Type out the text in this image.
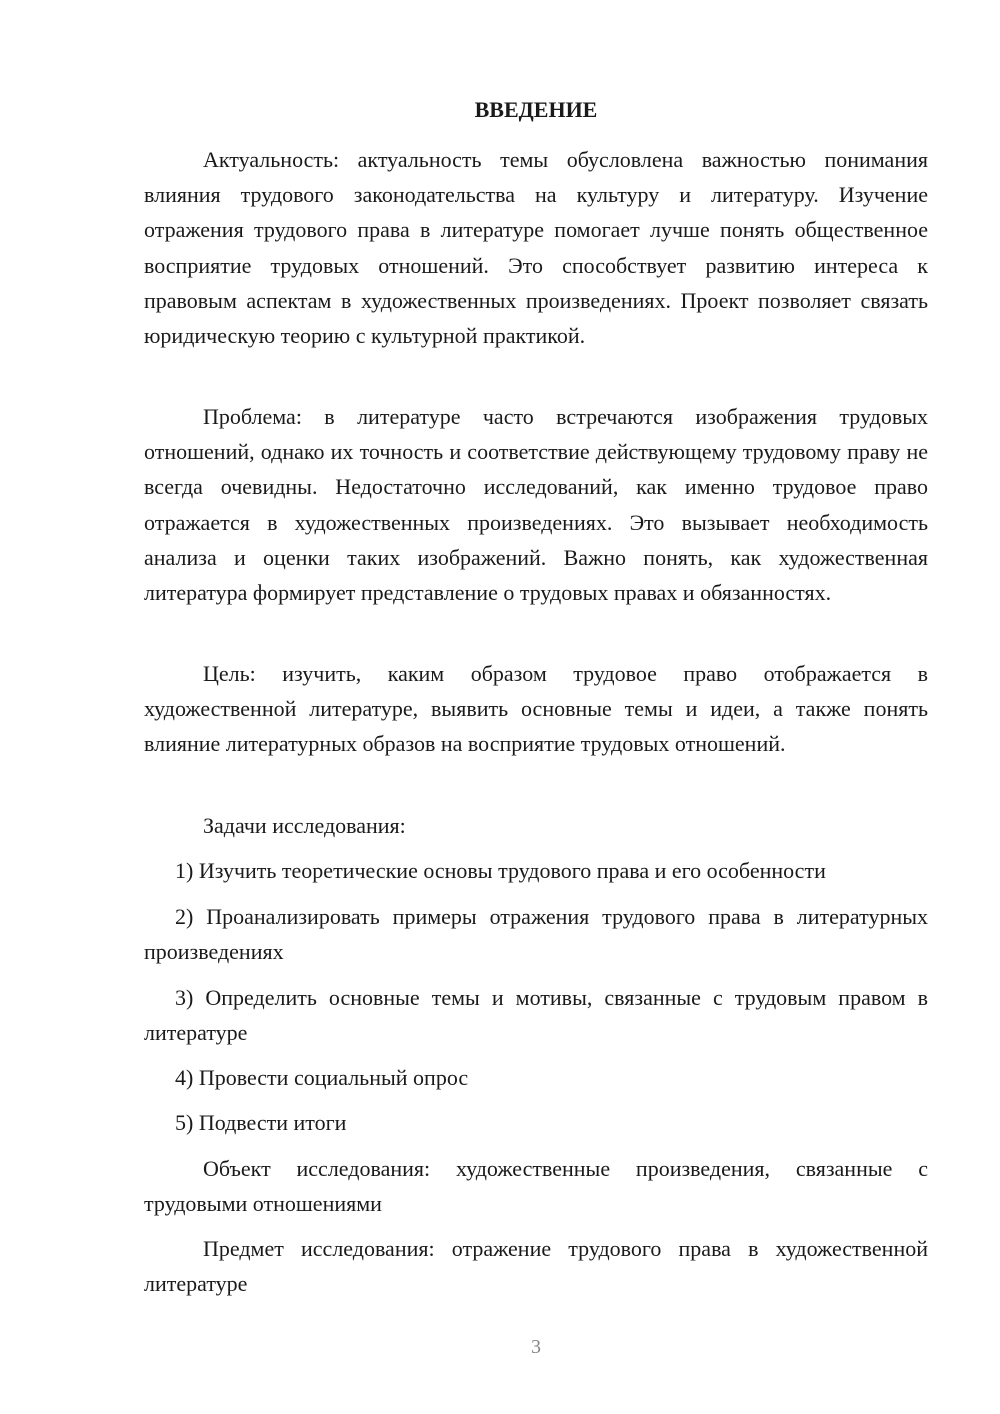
ВВЕДЕНИЕ

Актуальность: актуальность темы обусловлена важностью понимания влияния трудового законодательства на культуру и литературу. Изучение отражения трудового права в литературе помогает лучше понять общественное восприятие трудовых отношений. Это способствует развитию интереса к правовым аспектам в художественных произведениях. Проект позволяет связать юридическую теорию с культурной практикой.

Проблема: в литературе часто встречаются изображения трудовых отношений, однако их точность и соответствие действующему трудовому праву не всегда очевидны. Недостаточно исследований, как именно трудовое право отражается в художественных произведениях. Это вызывает необходимость анализа и оценки таких изображений. Важно понять, как художественная литература формирует представление о трудовых правах и обязанностях.

Цель: изучить, каким образом трудовое право отображается в художественной литературе, выявить основные темы и идеи, а также понять влияние литературных образов на восприятие трудовых отношений.

Задачи исследования:

1) Изучить теоретические основы трудового права и его особенности

2) Проанализировать примеры отражения трудового права в литературных произведениях

3) Определить основные темы и мотивы, связанные с трудовым правом в литературе

4) Провести социальный опрос

5) Подвести итоги

Объект исследования: художественные произведения, связанные с трудовыми отношениями

Предмет исследования: отражение трудового права в художественной литературе

3
